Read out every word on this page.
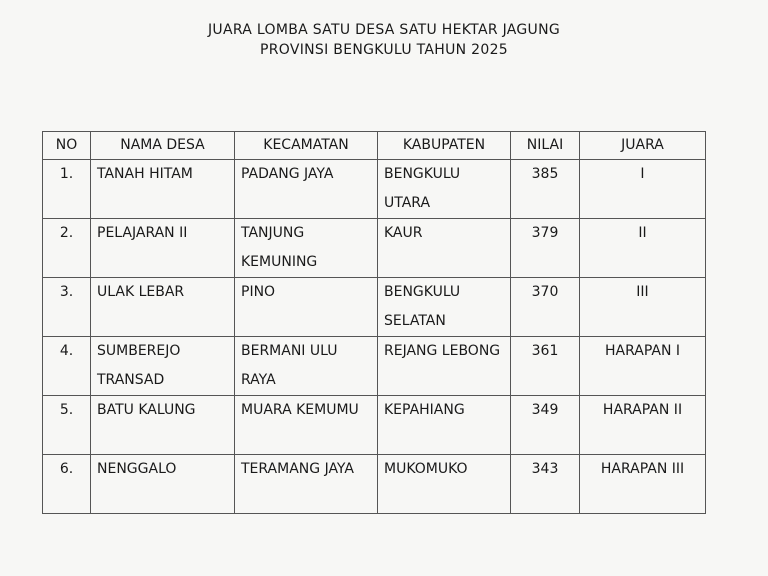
JUARA LOMBA SATU DESA SATU HEKTAR JAGUNG
PROVINSI BENGKULU TAHUN 2025
NO	NAMA DESA	KECAMATAN	KABUPATEN	NILAI	JUARA
1.	TANAH HITAM	PADANG JAYA	BENGKULU UTARA	385	I
2.	PELAJARAN II	TANJUNG KEMUNING	KAUR	379	II
3.	ULAK LEBAR	PINO	BENGKULU SELATAN	370	III
4.	SUMBEREJO TRANSAD	BERMANI ULU RAYA	REJANG LEBONG	361	HARAPAN I
5.	BATU KALUNG	MUARA KEMUMU	KEPAHIANG	349	HARAPAN II
6.	NENGGALO	TERAMANG JAYA	MUKOMUKO	343	HARAPAN III
